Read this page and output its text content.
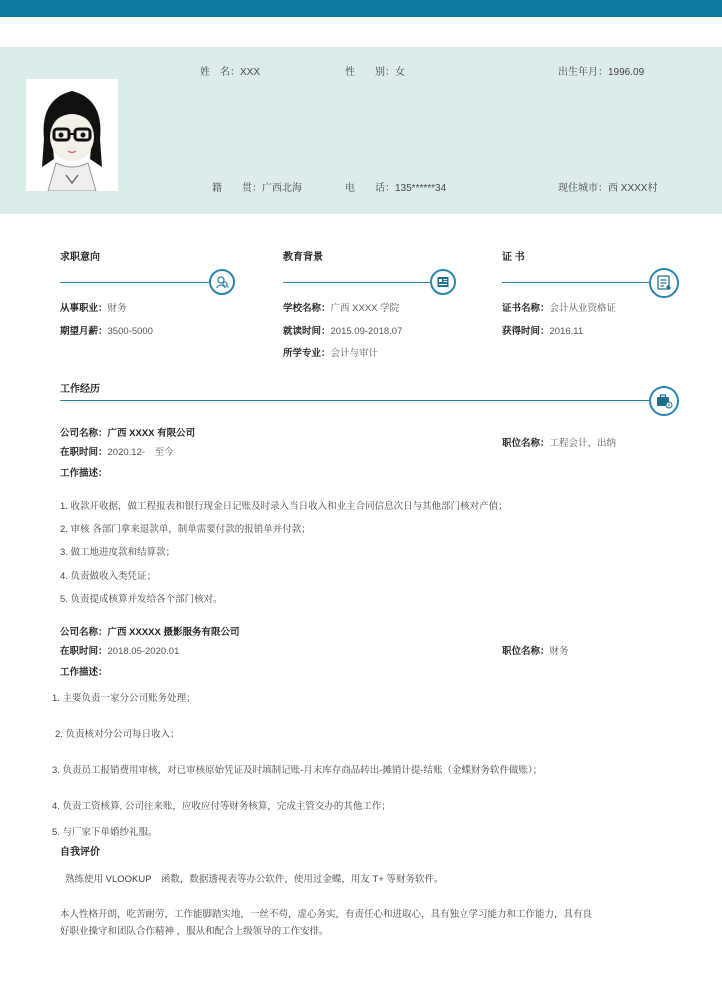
姓　名：XXX	性　　别：女	出生年月：1996.09
籍　　贯：广西北海	电　　话：135******34	现住城市：西 XXXX村
求职意向
从事职业：财务
期望月薪：3500-5000
教育背景
学校名称：广西 XXXX 学院
就读时间：2015.09-2018.07
所学专业：会计与审计
证 书
证书名称：会计从业资格证
获得时间：2016.11
工作经历
公司名称：广西 XXXX 有限公司
在职时间：2020.12-　至今
职位名称：工程会计、出纳
工作描述：
1. 收款开收据，做工程报表和银行现金日记账及时录入当日收入和业主合同信息次日与其他部门核对产值；
2. 审核 各部门拿来退款单，制单需要付款的报销单并付款；
3. 做工地进度款和结算款；
4. 负责做收入类凭证；
5. 负责提成核算并发给各个部门核对。
公司名称：广西 XXXXX 摄影服务有限公司
在职时间：2018.05-2020.01	职位名称：财务
工作描述：
1. 主要负责一家分公司账务处理；
2. 负责核对分公司每日收入；
3. 负责员工报销费用审核，对已审核原始凭证及时填制记账-月末库存商品转出-摊销计提-结账（金蝶财务软件做账）；
4. 负责工资核算, 公司往来账，应收应付等财务核算，完成主管交办的其他工作；
5. 与厂家下单婚纱礼服。
自我评价
熟练使用 VLOOKUP　函数，数据透视表等办公软件，使用过金蝶，用友 T+ 等财务软件。
本人性格开朗，吃苦耐劳，工作能脚踏实地，一丝不苟，虚心务实，有责任心和进取心，具有独立学习能力和工作能力，具有良
好职业操守和团队合作精神 ，服从和配合上级领导的工作安排。
